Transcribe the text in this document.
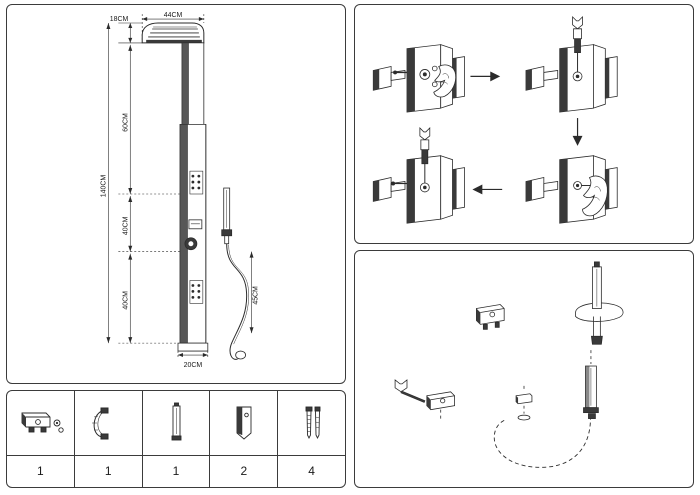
44CM
18CM
60CM
40CM
40CM
140CM
20CM
45CM
1	1	1	2	4
